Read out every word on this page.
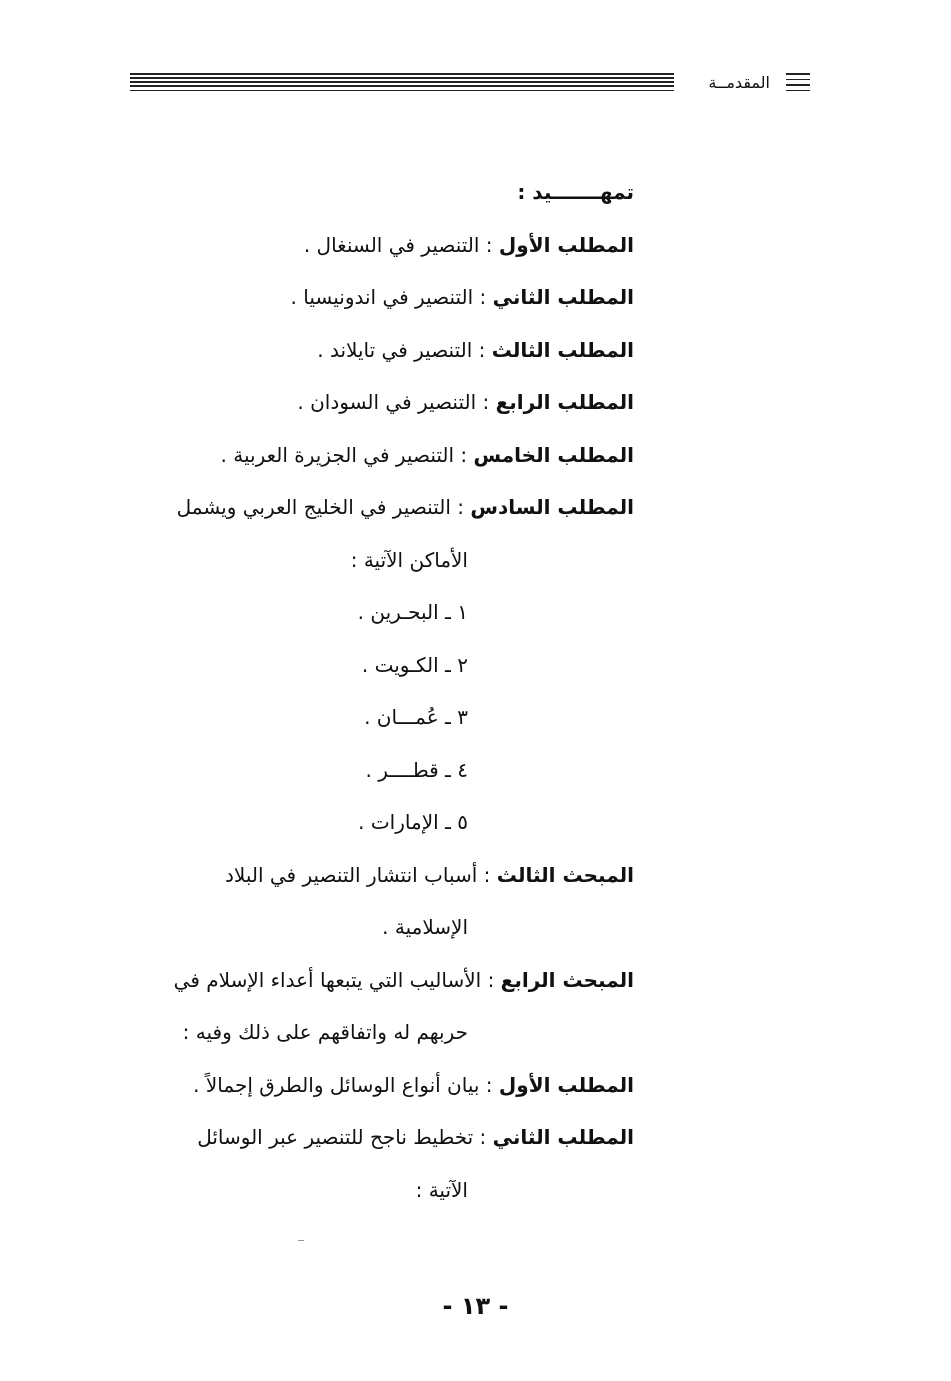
المقدمــة
تمهـــــــيد :
المطلب الأول : التنصير في السنغال .
المطلب الثاني : التنصير في اندونيسيا .
المطلب الثالث : التنصير في تايلاند .
المطلب الرابع : التنصير في السودان .
المطلب الخامس : التنصير في الجزيرة العربية .
المطلب السادس : التنصير في الخليج العربي ويشمل
الأماكن الآتية :
١ ـ البحـرين .
٢ ـ الكـويت .
٣ ـ عُمـــان .
٤ ـ قطــــر .
٥ ـ الإمارات .
المبحث الثالث : أسباب انتشار التنصير في البلاد
الإسلامية .
المبحث الرابع : الأساليب التي يتبعها أعداء الإسلام في
حربهم له واتفاقهم على ذلك وفيه :
المطلب الأول : بيان أنواع الوسائل والطرق إجمالاً .
المطلب الثاني : تخطيط ناجح للتنصير عبر الوسائل
الآتية :
- ١٣ -
